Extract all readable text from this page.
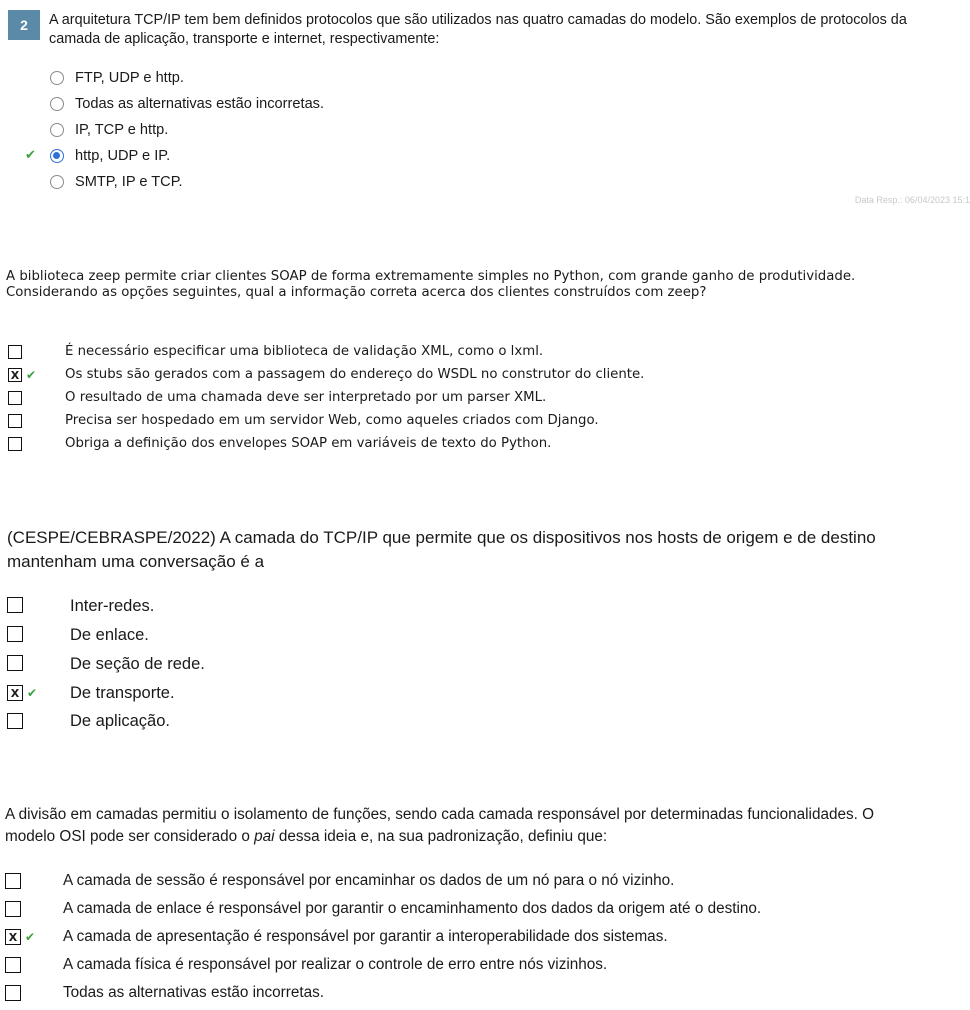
2	A arquitetura TCP/IP tem bem definidos protocolos que são utilizados nas quatro camadas do modelo. São exemplos de protocolos da camada de aplicação, transporte e internet, respectivamente:
✔
FTP, UDP e http.
Todas as alternativas estão incorretas.
IP, TCP e http.
http, UDP e IP.
SMTP, IP e TCP.
Data Resp.: 06/04/2023 15:1
A biblioteca zeep permite criar clientes SOAP de forma extremamente simples no Python, com grande ganho de produtividade. Considerando as opções seguintes, qual a informação correta acerca dos clientes construídos com zeep?
É necessário especificar uma biblioteca de validação XML, como o lxml.
X ✔ Os stubs são gerados com a passagem do endereço do WSDL no construtor do cliente.
O resultado de uma chamada deve ser interpretado por um parser XML.
Precisa ser hospedado em um servidor Web, como aqueles criados com Django.
Obriga a definição dos envelopes SOAP em variáveis de texto do Python.
(CESPE/CEBRASPE/2022) A camada do TCP/IP que permite que os dispositivos nos hosts de origem e de destino mantenham uma conversação é a
Inter-redes.
De enlace.
De seção de rede.
X ✔ De transporte.
De aplicação.
A divisão em camadas permitiu o isolamento de funções, sendo cada camada responsável por determinadas funcionalidades. O modelo OSI pode ser considerado o pai dessa ideia e, na sua padronização, definiu que:
A camada de sessão é responsável por encaminhar os dados de um nó para o nó vizinho.
A camada de enlace é responsável por garantir o encaminhamento dos dados da origem até o destino.
X ✔ A camada de apresentação é responsável por garantir a interoperabilidade dos sistemas.
A camada física é responsável por realizar o controle de erro entre nós vizinhos.
Todas as alternativas estão incorretas.
